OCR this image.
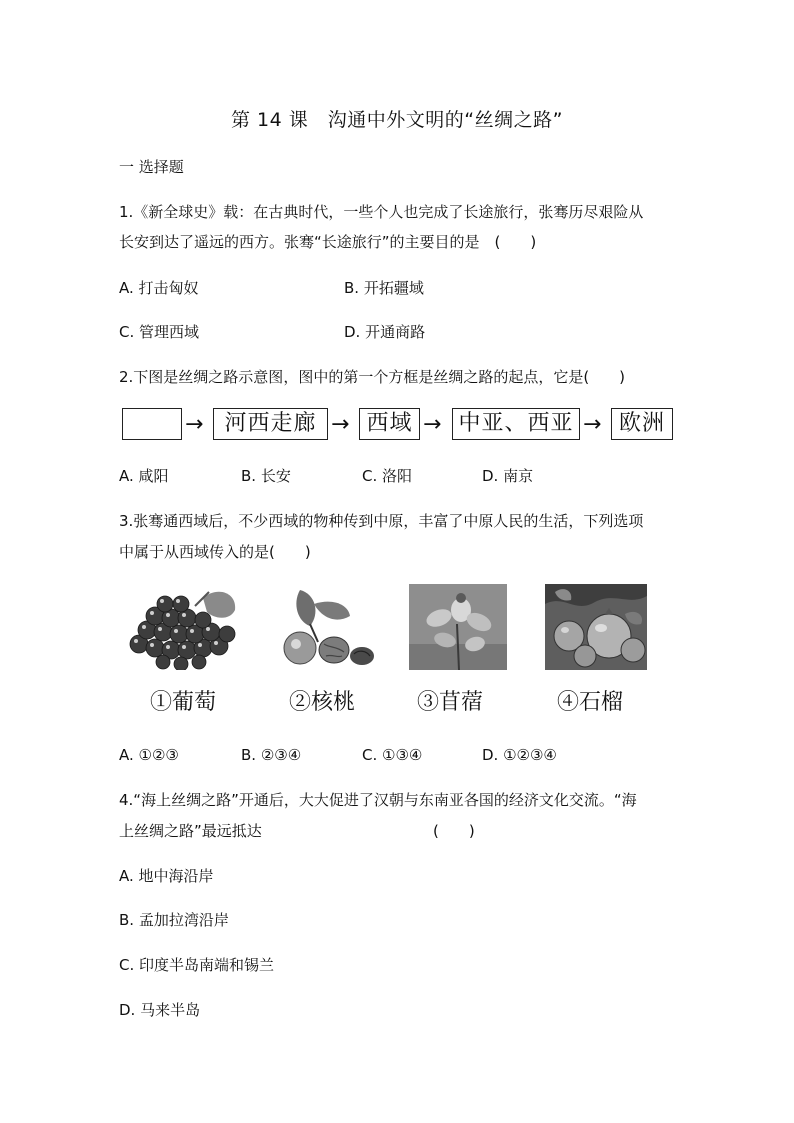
第 14 课　沟通中外文明的“丝绸之路”
一 选择题
1.《新全球史》载：在古典时代，一些个人也完成了长途旅行，张骞历尽艰险从
长安到达了遥远的西方。张骞“长途旅行”的主要目的是　(　　)
A. 打击匈奴	B. 开拓疆域
C. 管理西域	D. 开通商路
2.下图是丝绸之路示意图，图中的第一个方框是丝绸之路的起点，它是(　　)
→ 河西走廊 → 西域 → 中亚、西亚 → 欧洲
A. 咸阳	B. 长安	C. 洛阳	D. 南京
3.张骞通西域后，不少西域的物种传到中原，丰富了中原人民的生活，下列选项
中属于从西域传入的是(　　)
①葡萄	②核桃	③苜蓿	④石榴
A. ①②③	B. ②③④	C. ①③④	D. ①②③④
4.“海上丝绸之路”开通后，大大促进了汉朝与东南亚各国的经济文化交流。“海
上丝绸之路”最远抵达	(　　)
A. 地中海沿岸
B. 孟加拉湾沿岸
C. 印度半岛南端和锡兰
D. 马来半岛
